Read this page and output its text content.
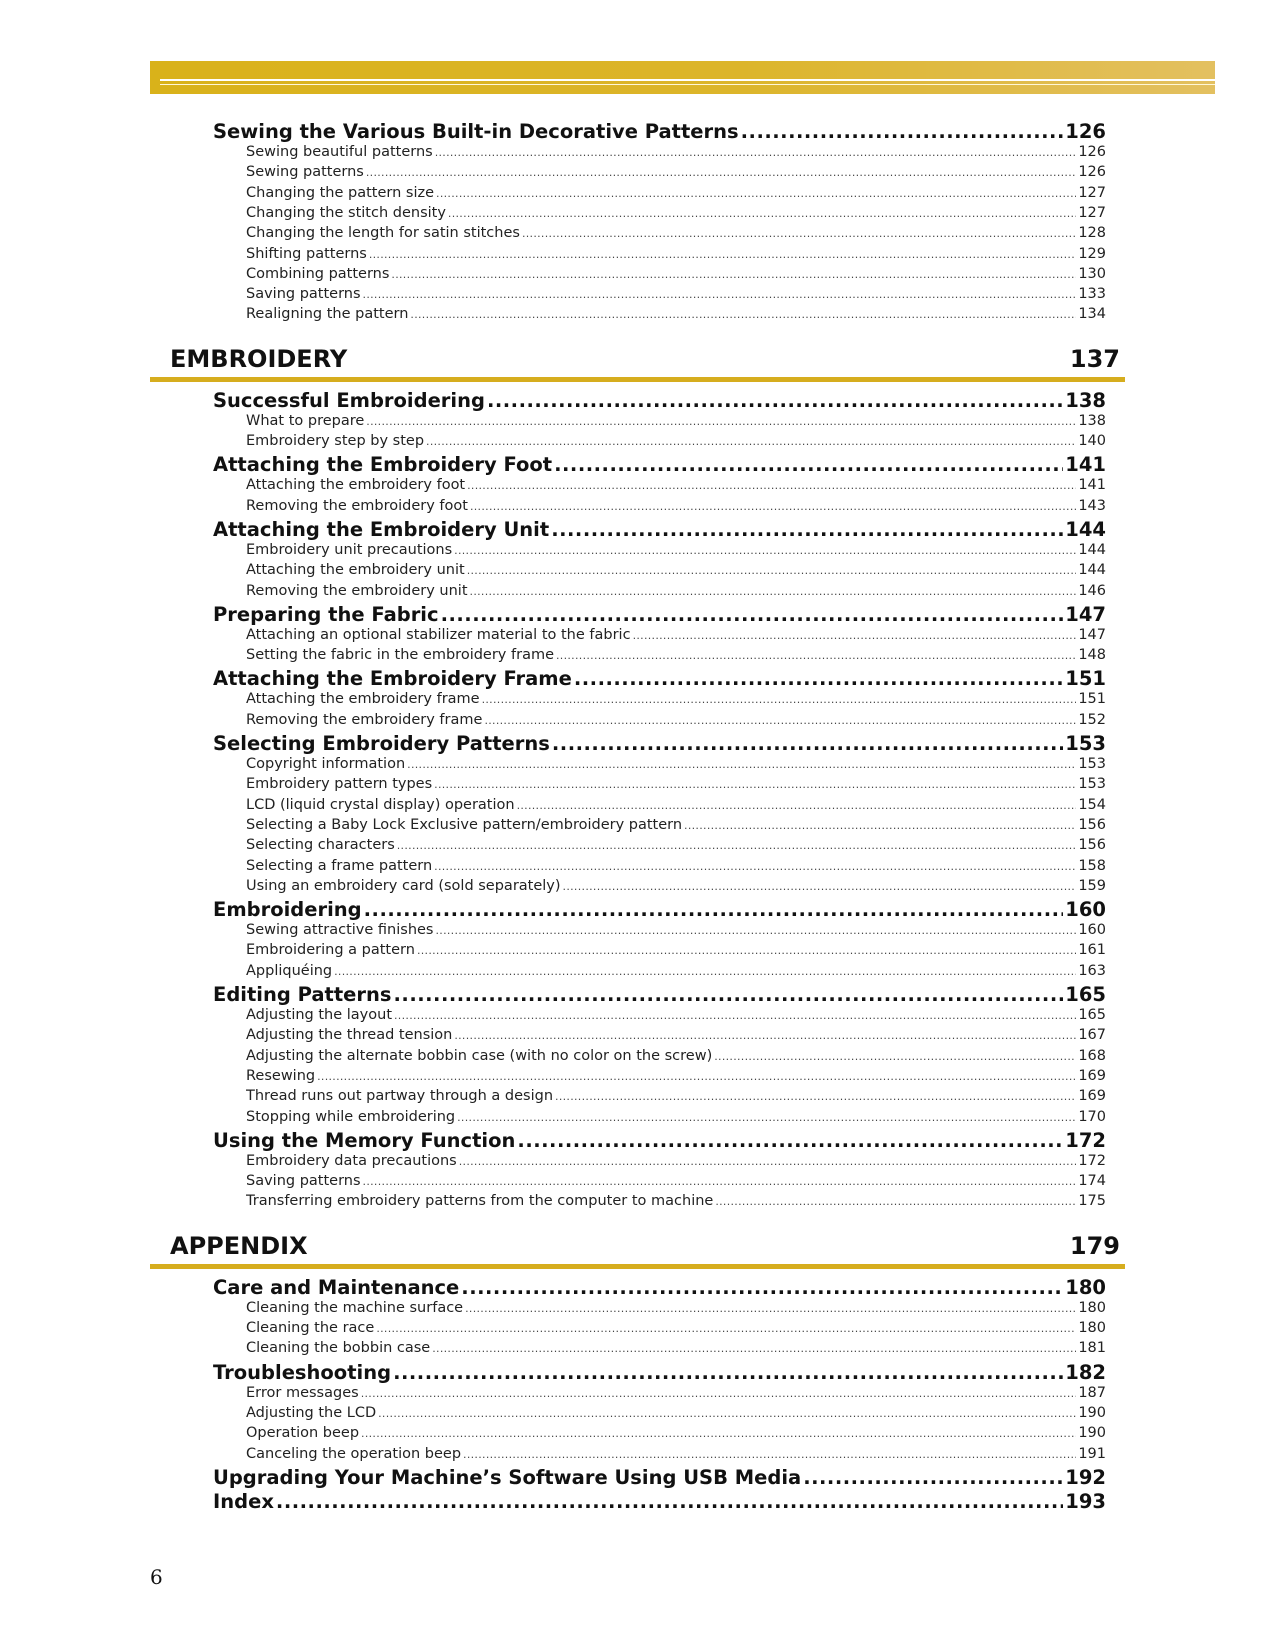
Sewing the Various Built-in Decorative Patterns .....	126
Sewing beautiful patterns .....	126
Sewing patterns .....	126
Changing the pattern size .....	127
Changing the stitch density .....	127
Changing the length for satin stitches .....	128
Shifting patterns .....	129
Combining patterns .....	130
Saving patterns .....	133
Realigning the pattern .....	134
EMBROIDERY	137
Successful Embroidering .....	138
What to prepare .....	138
Embroidery step by step .....	140
Attaching the Embroidery Foot .....	141
Attaching the embroidery foot .....	141
Removing the embroidery foot .....	143
Attaching the Embroidery Unit .....	144
Embroidery unit precautions .....	144
Attaching the embroidery unit .....	144
Removing the embroidery unit .....	146
Preparing the Fabric .....	147
Attaching an optional stabilizer material to the fabric .....	147
Setting the fabric in the embroidery frame .....	148
Attaching the Embroidery Frame .....	151
Attaching the embroidery frame .....	151
Removing the embroidery frame .....	152
Selecting Embroidery Patterns .....	153
Copyright information .....	153
Embroidery pattern types .....	153
LCD (liquid crystal display) operation .....	154
Selecting a Baby Lock Exclusive pattern/embroidery pattern .....	156
Selecting characters .....	156
Selecting a frame pattern .....	158
Using an embroidery card (sold separately) .....	159
Embroidering .....	160
Sewing attractive finishes .....	160
Embroidering a pattern .....	161
Appliquéing .....	163
Editing Patterns .....	165
Adjusting the layout .....	165
Adjusting the thread tension .....	167
Adjusting the alternate bobbin case (with no color on the screw) .....	168
Resewing .....	169
Thread runs out partway through a design .....	169
Stopping while embroidering .....	170
Using the Memory Function .....	172
Embroidery data precautions .....	172
Saving patterns .....	174
Transferring embroidery patterns from the computer to machine .....	175
APPENDIX	179
Care and Maintenance .....	180
Cleaning the machine surface .....	180
Cleaning the race .....	180
Cleaning the bobbin case .....	181
Troubleshooting .....	182
Error messages .....	187
Adjusting the LCD .....	190
Operation beep .....	190
Canceling the operation beep .....	191
Upgrading Your Machine’s Software Using USB Media .....	192
Index .....	193
6
